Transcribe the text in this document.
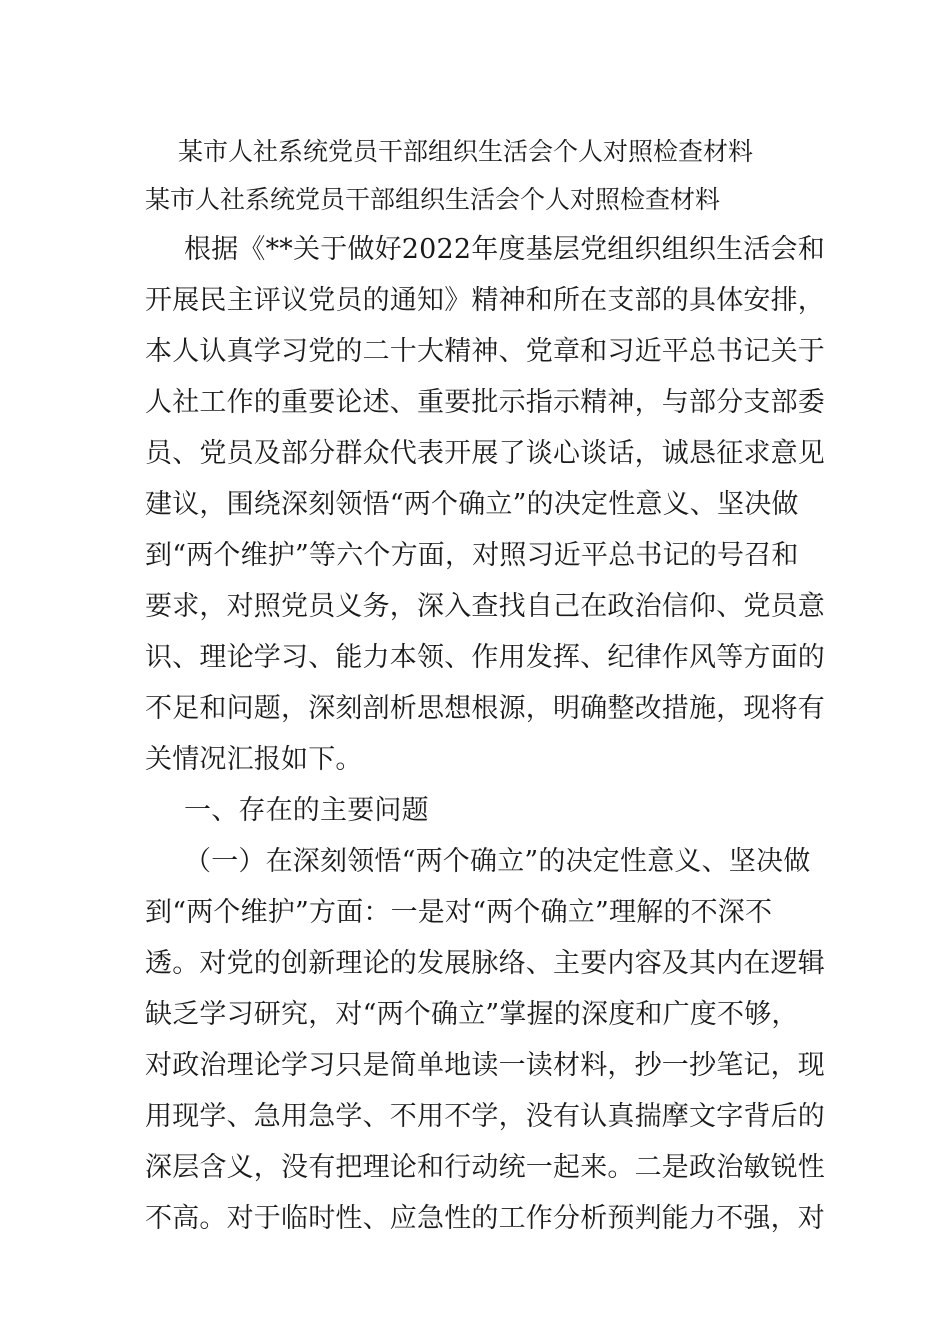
某市人社系统党员干部组织生活会个人对照检查材料
某市人社系统党员干部组织生活会个人对照检查材料
根据《**关于做好2022年度基层党组织组织生活会和
开展民主评议党员的通知》精神和所在支部的具体安排，
本人认真学习党的二十大精神、党章和习近平总书记关于
人社工作的重要论述、重要批示指示精神，与部分支部委
员、党员及部分群众代表开展了谈心谈话，诚恳征求意见
建议，围绕深刻领悟“两个确立”的决定性意义、坚决做
到“两个维护”等六个方面，对照习近平总书记的号召和
要求，对照党员义务，深入查找自己在政治信仰、党员意
识、理论学习、能力本领、作用发挥、纪律作风等方面的
不足和问题，深刻剖析思想根源，明确整改措施，现将有
关情况汇报如下。
一、存在的主要问题
（一）在深刻领悟“两个确立”的决定性意义、坚决做
到“两个维护”方面：一是对“两个确立”理解的不深不
透。对党的创新理论的发展脉络、主要内容及其内在逻辑
缺乏学习研究，对“两个确立”掌握的深度和广度不够，
对政治理论学习只是简单地读一读材料，抄一抄笔记，现
用现学、急用急学、不用不学，没有认真揣摩文字背后的
深层含义，没有把理论和行动统一起来。二是政治敏锐性
不高。对于临时性、应急性的工作分析预判能力不强，对
